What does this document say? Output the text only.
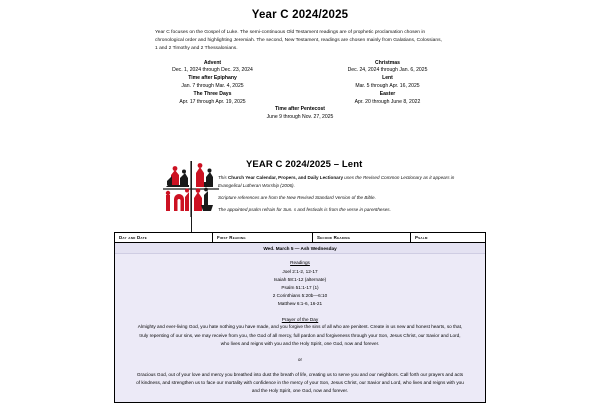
Year C 2024/2025

Year C focuses on the Gospel of Luke. The semi-continuous Old Testament readings are of prophetic proclamation chosen in chronological order and highlighting Jeremiah. The second, New Testament, readings are chosen mainly from Galatians, Colossians, 1 and 2 Timothy and 2 Thessalonians.

Advent
Dec. 1, 2024 through Dec. 23, 2024
Christmas
Dec. 24, 2024 through Jan. 6, 2025
Time after Epiphany
Jan. 7 through Mar. 4, 2025
Lent
Mar. 5 through Apr. 16, 2025
The Three Days
Apr. 17 through Apr. 19, 2025
Easter
Apr. 20 through June 8, 2022
Time after Pentecost
June 9 through Nov. 27, 2025
YEAR C 2024/2025 – Lent

This Church Year Calendar, Propers, and Daily Lectionary uses the Revised Common Lectionary as it appears in Evangelical Lutheran Worship (2006).

Scripture references are from the New Revised Standard Version of the Bible.

The appointed psalm refrain for Sun. s and festivals is from the verse in parentheses.

Day and Date	First Reading	Second Reading	Psalm
Wed. March 5 — Ash Wednesday
Readings
Joel 2:1-2, 12-17
Isaiah 58:1-12 (alternate)
Psalm 51:1-17 (1)
2 Corinthians 5:20b—6:10
Matthew 6:1-6, 16-21
Prayer of the Day
Almighty and ever-living God, you hate nothing you have made, and you forgive the sins of all who are penitent. Create in us new and honest hearts, so that, truly repenting of our sins, we may receive from you, the God of all mercy, full pardon and forgiveness through your Son, Jesus Christ, our Savior and Lord, who lives and reigns with you and the Holy Spirit, one God, now and forever.
or
Gracious God, out of your love and mercy you breathed into dust the breath of life, creating us to serve you and our neighbors. Call forth our prayers and acts of kindness, and strengthen us to face our mortality with confidence in the mercy of your Son, Jesus Christ, our Savior and Lord, who lives and reigns with you and the Holy Spirit, one God, now and forever.
